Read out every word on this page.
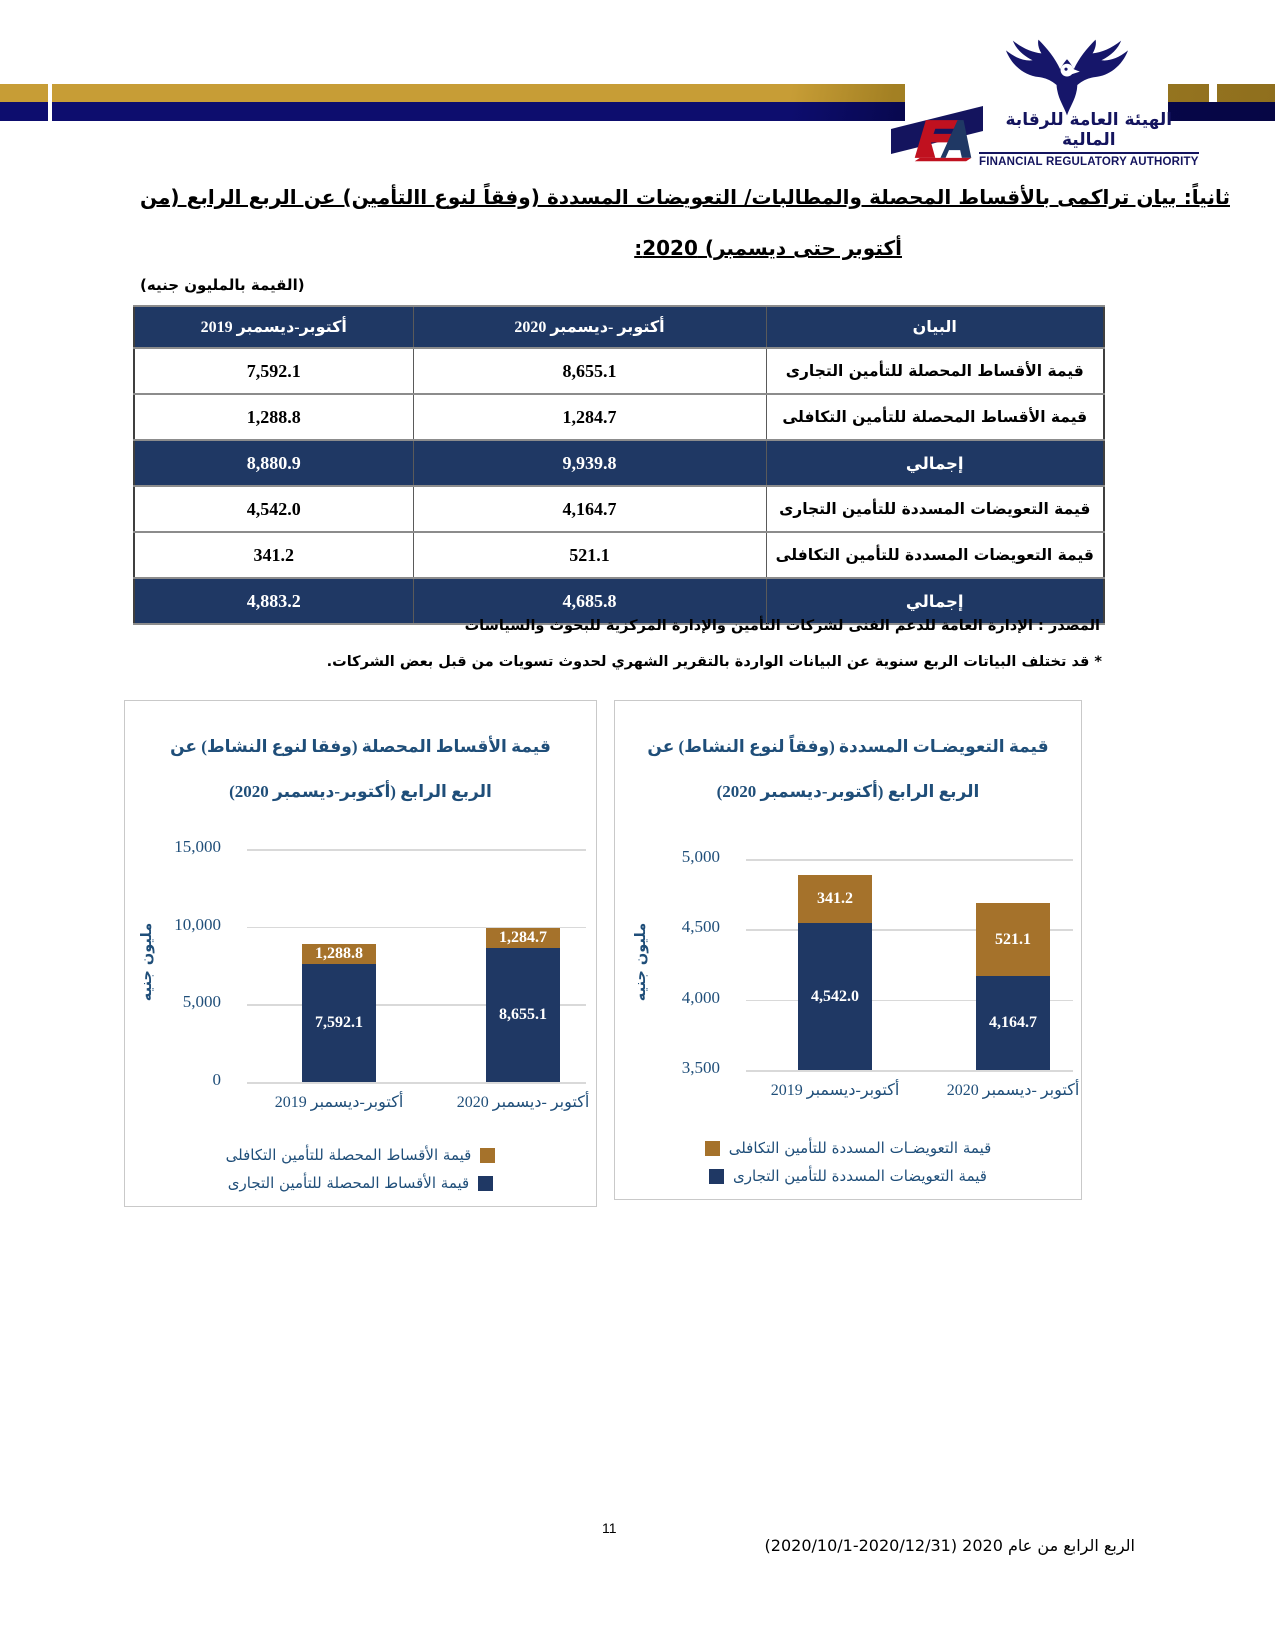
الهيئة العامة للرقابة المالية
FINANCIAL REGULATORY AUTHORITY
ثانياً: بيان تراكمى بالأقساط المحصلة والمطالبات/ التعويضات المسددة (وفقاً لنوع االتأمين) عن الربع الرابع (من
أكتوبر حتى ديسمبر) 2020:
(القيمة بالمليون جنيه)
البيان	أكتوبر -ديسمبر 2020	أكتوبر-ديسمبر 2019
قيمة الأقساط المحصلة للتأمين التجارى	8,655.1	7,592.1
قيمة الأقساط المحصلة للتأمين التكافلى	1,284.7	1,288.8
إجمالي	9,939.8	8,880.9
قيمة التعويضات المسددة للتأمين التجارى	4,164.7	4,542.0
قيمة التعويضات المسددة للتأمين التكافلى	521.1	341.2
إجمالي	4,685.8	4,883.2
المصدر : الإدارة العامة للدعم الفنى لشركات التأمين والإدارة المركزية للبحوث والسياسات
* قد تختلف البياتات الربع سنوية عن البيانات الواردة بالتقرير الشهري لحدوث تسويات من قبل بعض الشركات.
قيمة الأقساط المحصلة (وفقا لنوع النشاط) عن
الربع الرابع (أكتوبر-ديسمبر 2020)
مليون جنيه
0
5,000
10,000
15,000
7,592.1
1,288.8
أكتوبر-ديسمبر 2019
8,655.1
1,284.7
أكتوبر -ديسمبر 2020
قيمة الأقساط المحصلة للتأمين التكافلى
قيمة الأقساط المحصلة للتأمين التجارى
قيمة التعويضـات المسددة (وفقاً لنوع النشاط) عن
الربع الرابع (أكتوبر-ديسمبر 2020)
مليون جنيه
3,500
4,000
4,500
5,000
4,542.0
341.2
أكتوبر-ديسمبر 2019
4,164.7
521.1
أكتوبر -ديسمبر 2020
قيمة التعويضـات المسددة للتأمين التكافلى
قيمة التعويضات المسددة للتأمين التجارى
11
الربع الرابع من عام 2020 (2020/12/31-2020/10/1)
